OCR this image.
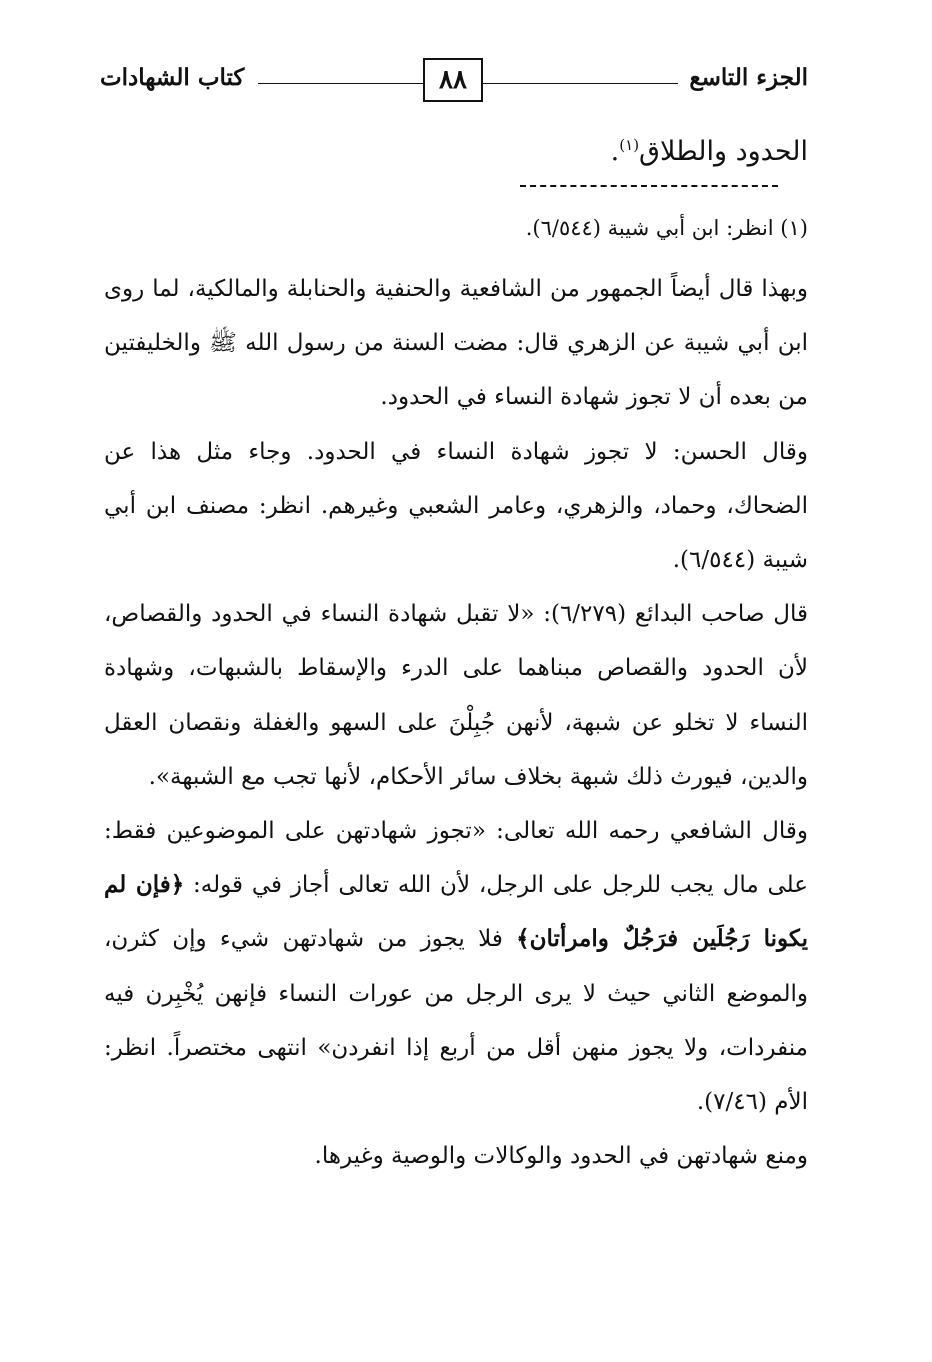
الجزء التاسع
٨٨
كتاب الشهادات
الحدود والطلاق$^{(١)}$.
(١) انظر: ابن أبي شيبة (٦/٥٤٤).

وبهذا قال أيضاً الجمهور من الشافعية والحنفية والحنابلة والمالكية، لما روى ابن أبي شيبة عن الزهري قال: مضت السنة من رسول الله ﷺ والخليفتين من بعده أن لا تجوز شهادة النساء في الحدود.

وقال الحسن: لا تجوز شهادة النساء في الحدود. وجاء مثل هذا عن الضحاك، وحماد، والزهري، وعامر الشعبي وغيرهم. انظر: مصنف ابن أبي شيبة (٦/٥٤٤).

قال صاحب البدائع (٦/٢٧٩): «لا تقبل شهادة النساء في الحدود والقصاص، لأن الحدود والقصاص مبناهما على الدرء والإسقاط بالشبهات، وشهادة النساء لا تخلو عن شبهة، لأنهن جُبِلْنَ على السهو والغفلة ونقصان العقل والدين، فيورث ذلك شبهة بخلاف سائر الأحكام، لأنها تجب مع الشبهة».

وقال الشافعي رحمه الله تعالى: «تجوز شهادتهن على الموضوعين فقط: على مال يجب للرجل على الرجل، لأن الله تعالى أجاز في قوله: ﴿فإن لم يكونا رَجُلَين فرَجُلٌ وامرأتان﴾ فلا يجوز من شهادتهن شيء وإن كثرن، والموضع الثاني حيث لا يرى الرجل من عورات النساء فإنهن يُخْبِرن فيه منفردات، ولا يجوز منهن أقل من أربع إذا انفردن» انتهى مختصراً. انظر: الأم (٧/٤٦).

ومنع شهادتهن في الحدود والوكالات والوصية وغيرها.
